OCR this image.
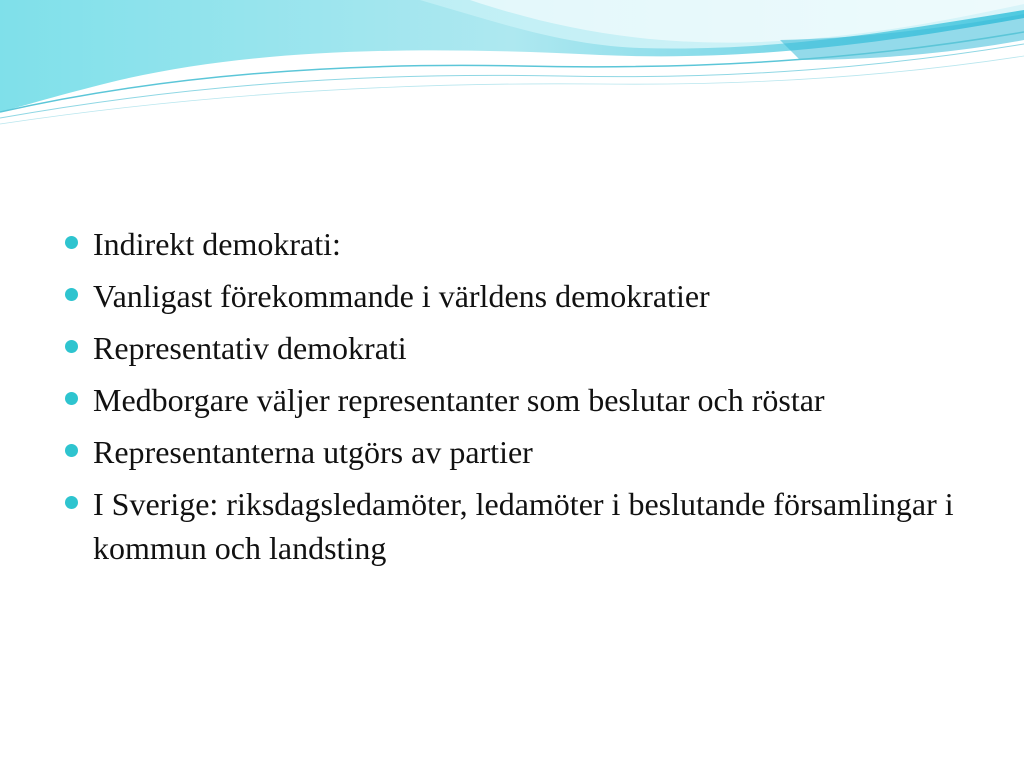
Indirekt demokrati:
Vanligast förekommande i världens demokratier
Representativ demokrati
Medborgare väljer representanter som beslutar och röstar
Representanterna utgörs av partier
I Sverige: riksdagsledamöter, ledamöter i beslutande församlingar i kommun och landsting
